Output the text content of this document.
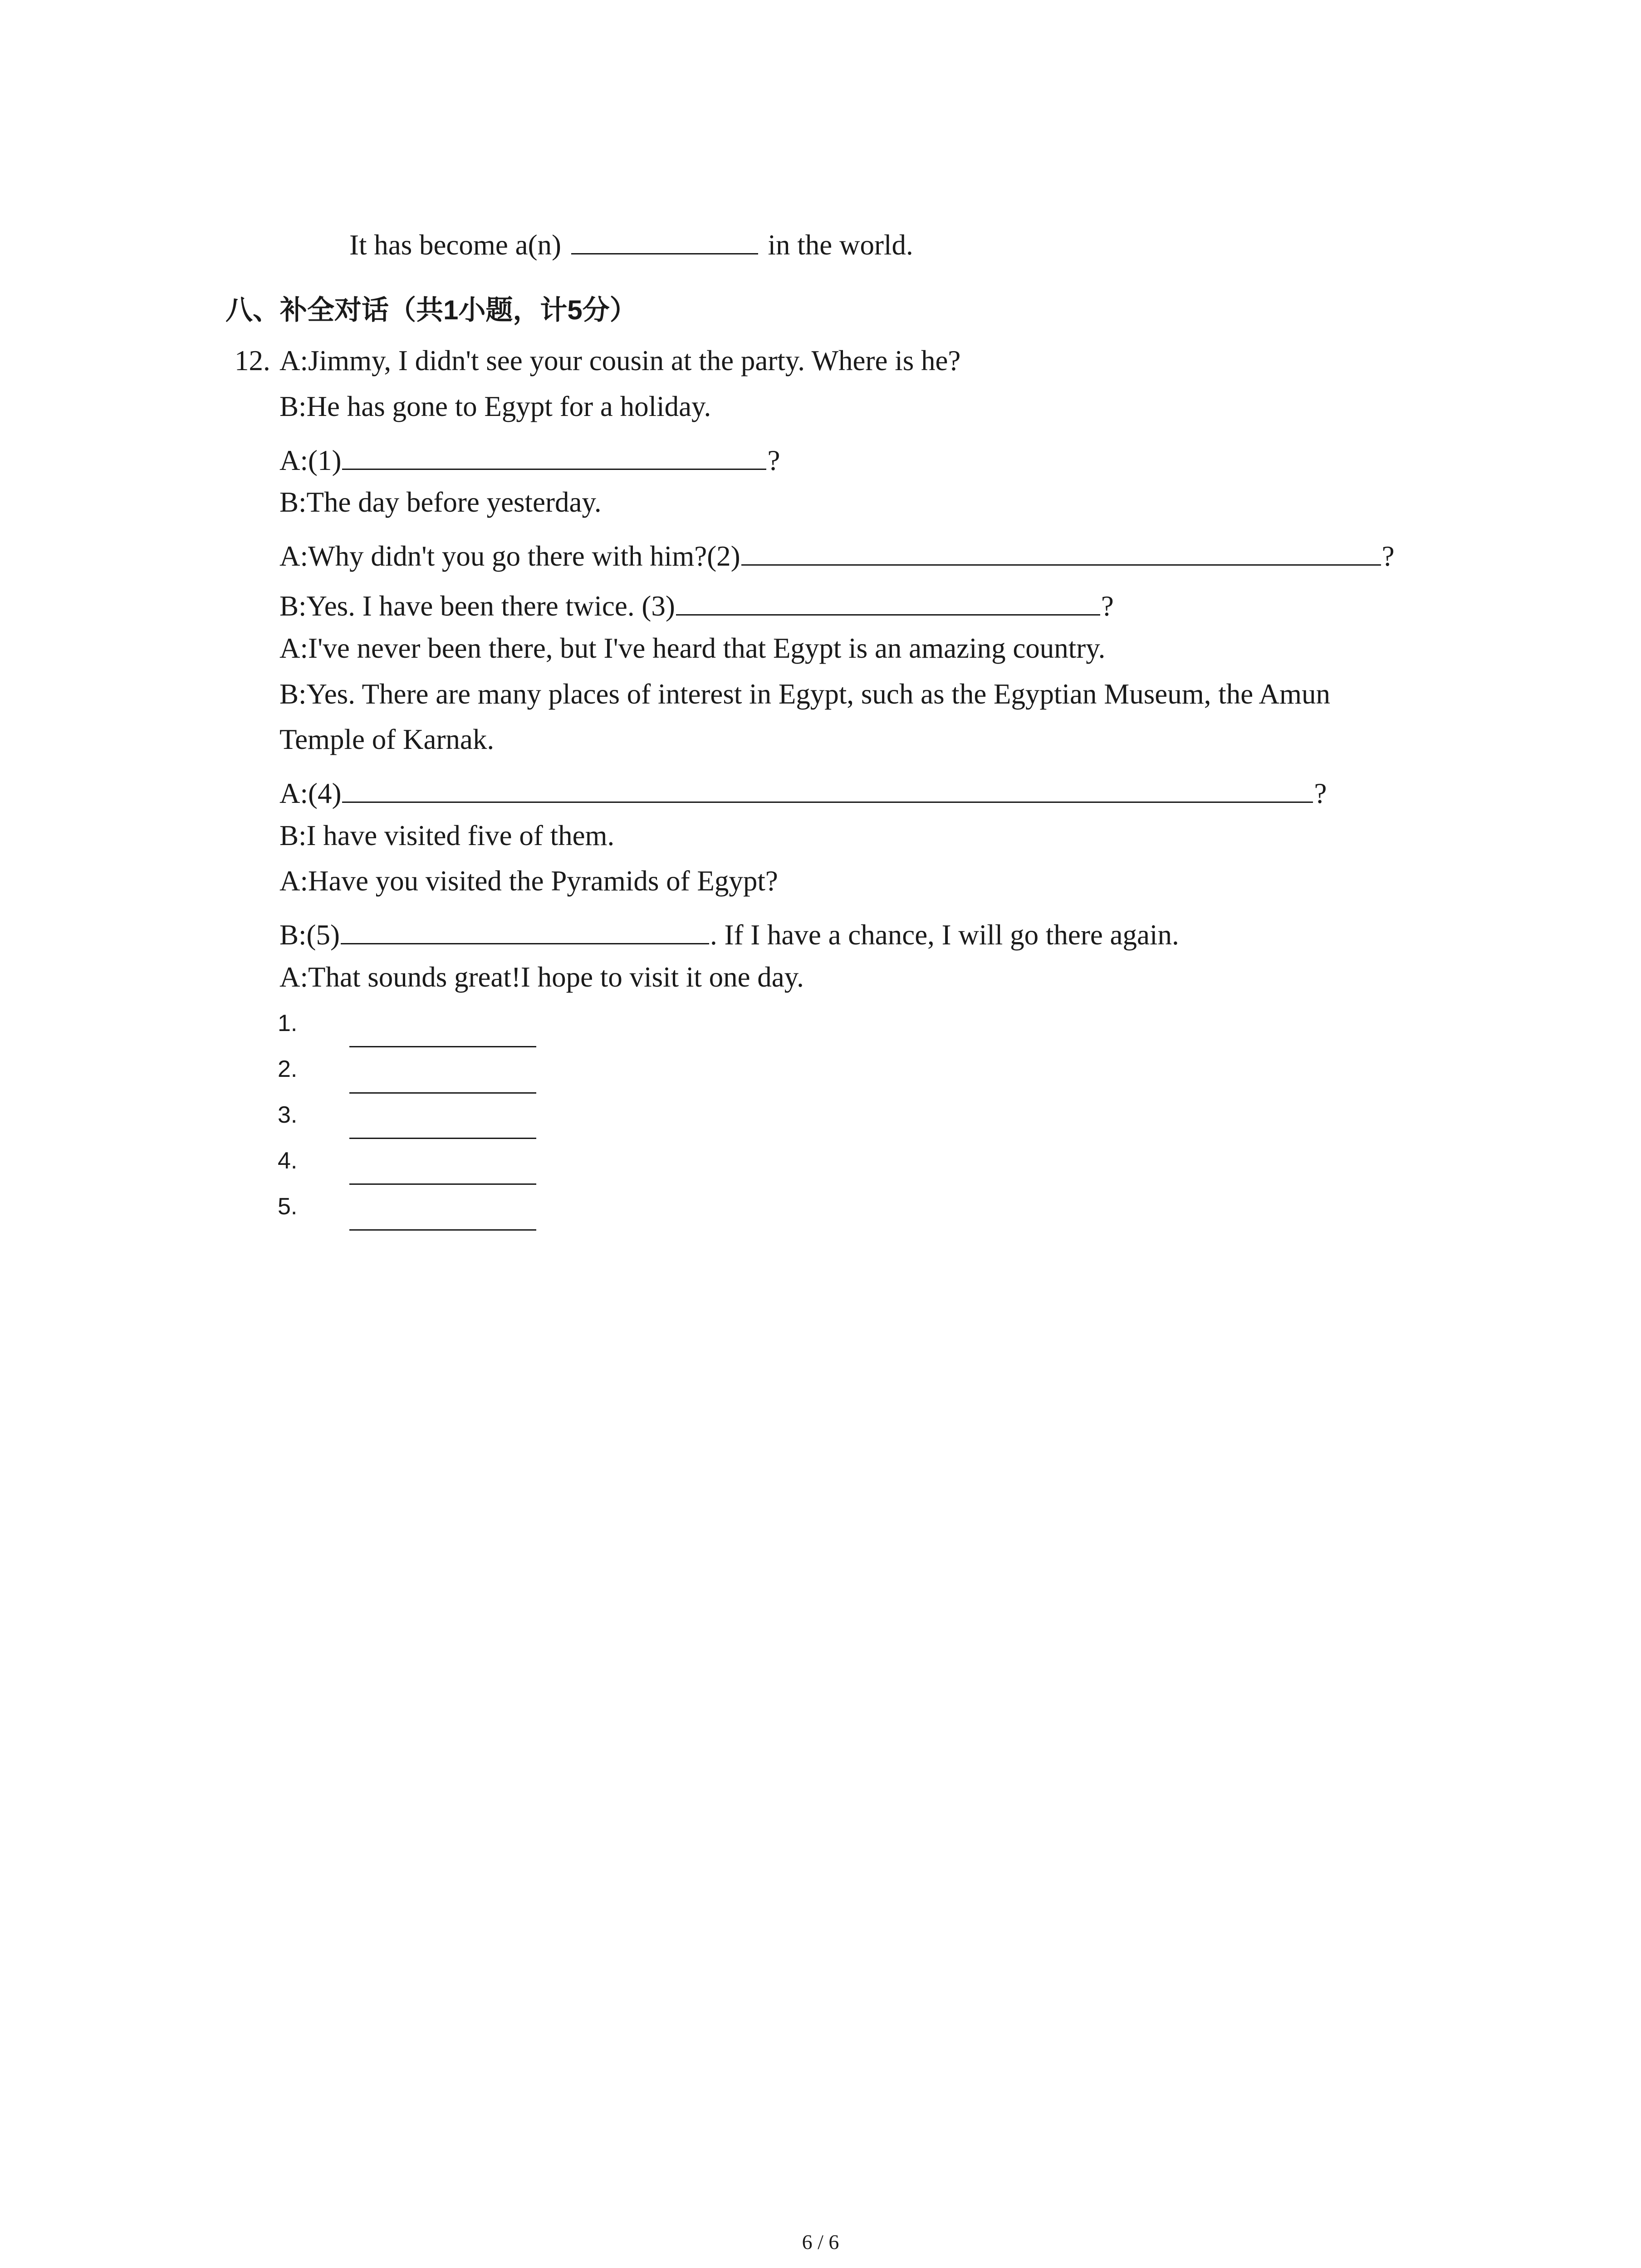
It has become a(n)	in the world.
八、补全对话（共1小题，计5分）
12. A:Jimmy, I didn't see your cousin at the party. Where is he?
B:He has gone to Egypt for a holiday.
A:(1)	?
B:The day before yesterday.
A:Why didn't you go there with him?(2)	?
B:Yes. I have been there twice. (3)	?
A:I've never been there, but I've heard that Egypt is an amazing country.
B:Yes. There are many places of interest in Egypt, such as the Egyptian Museum, the Amun
Temple of Karnak.
A:(4)	?
B:I have visited five of them.
A:Have you visited the Pyramids of Egypt?
B:(5)	. If I have a chance, I will go there again.
A:That sounds great!I hope to visit it one day.
1.
2.
3.
4.
5.
6 / 6
